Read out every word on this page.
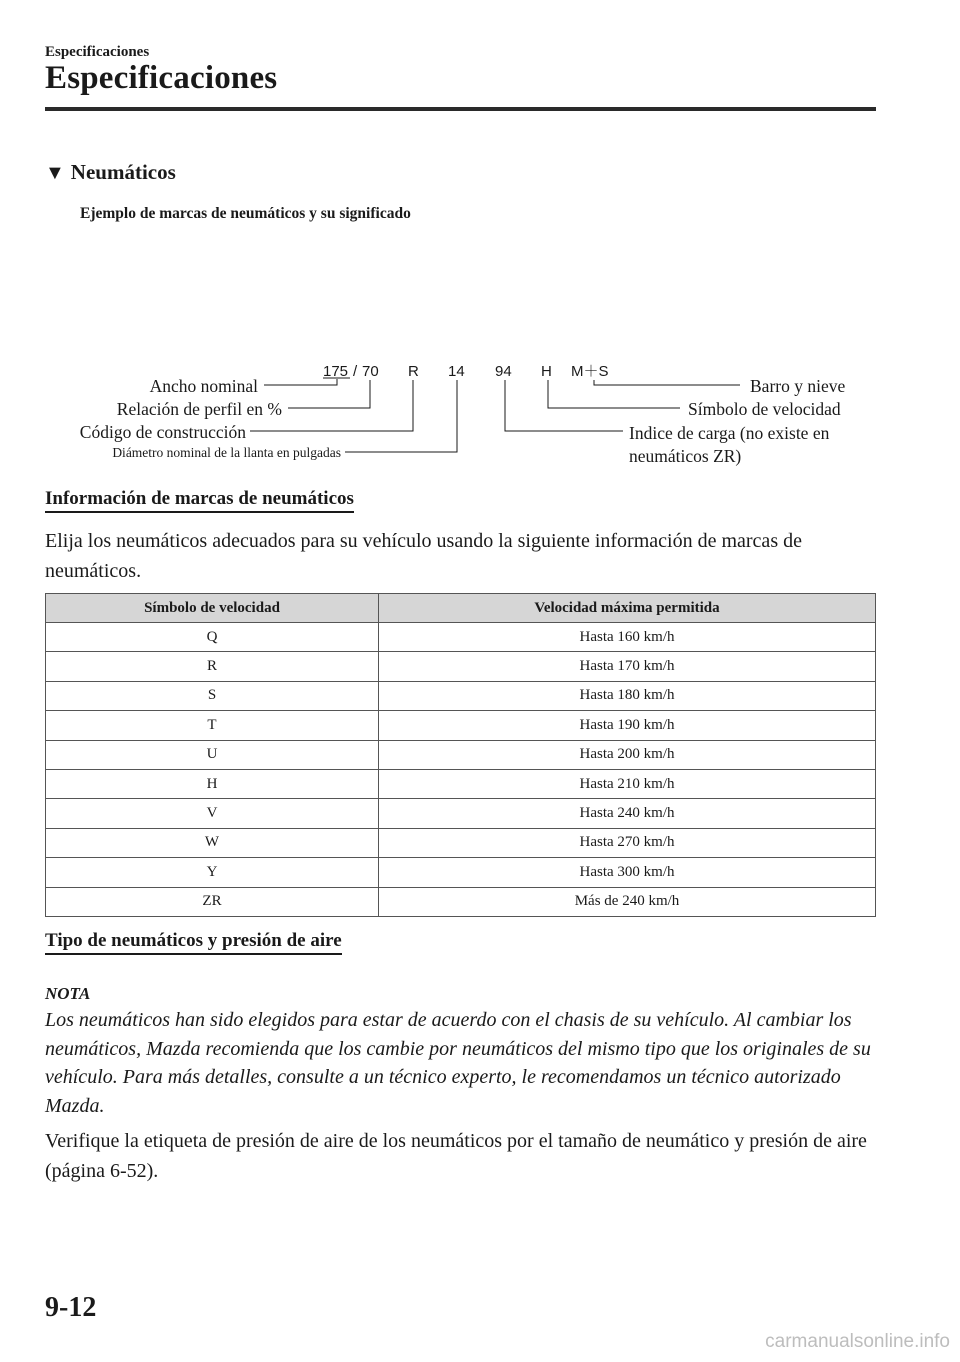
Especificaciones
Especificaciones
▼ Neumáticos
Ejemplo de marcas de neumáticos y su significado
175 / 70 R 14 94 H M＋S
Ancho nominal
Relación de perfil en %
Código de construcción
Diámetro nominal de la llanta en pulgadas
Barro y nieve
Símbolo de velocidad
Indice de carga (no existe en
neumáticos ZR)
Información de marcas de neumáticos
Elija los neumáticos adecuados para su vehículo usando la siguiente información de marcas de neumáticos.
Símbolo de velocidad	Velocidad máxima permitida
Q	Hasta 160 km/h
R	Hasta 170 km/h
S	Hasta 180 km/h
T	Hasta 190 km/h
U	Hasta 200 km/h
H	Hasta 210 km/h
V	Hasta 240 km/h
W	Hasta 270 km/h
Y	Hasta 300 km/h
ZR	Más de 240 km/h
Tipo de neumáticos y presión de aire
NOTA
Los neumáticos han sido elegidos para estar de acuerdo con el chasis de su vehículo. Al cambiar los neumáticos, Mazda recomienda que los cambie por neumáticos del mismo tipo que los originales de su vehículo. Para más detalles, consulte a un técnico experto, le recomendamos un técnico autorizado Mazda.
Verifique la etiqueta de presión de aire de los neumáticos por el tamaño de neumático y presión de aire (página 6-52).
9-12
carmanualsonline.info
